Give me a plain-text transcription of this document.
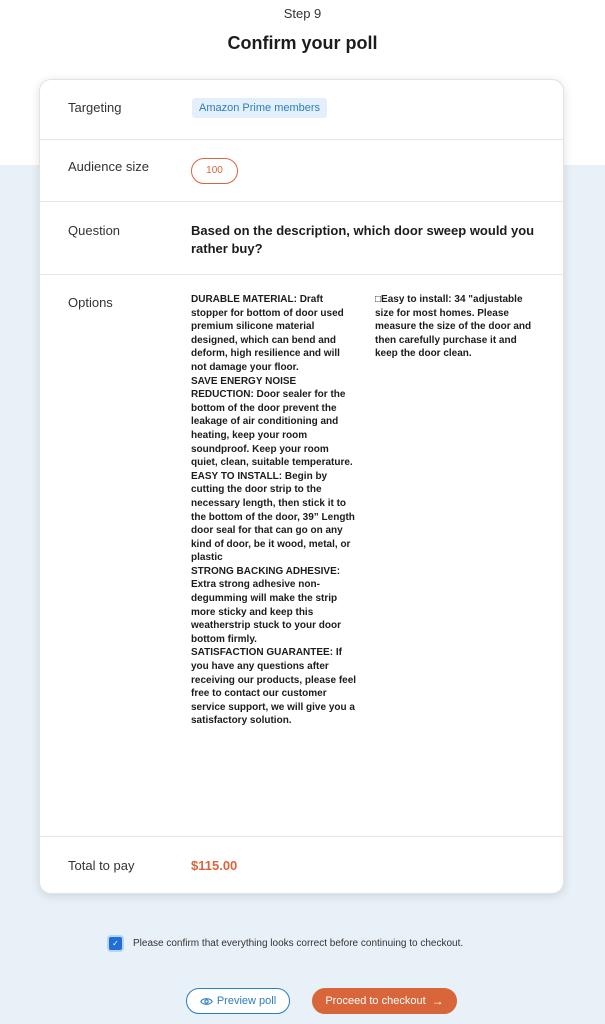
Step 9
Confirm your poll
Targeting	Amazon Prime members
Audience size	100
Question	Based on the description, which door sweep would you rather buy?
Options	DURABLE MATERIAL: Draft stopper for bottom of door used premium silicone material designed, which can bend and deform, high resilience and will not damage your floor.
SAVE ENERGY NOISE REDUCTION: Door sealer for the bottom of the door prevent the leakage of air conditioning and heating, keep your room soundproof. Keep your room quiet, clean, suitable temperature.
EASY TO INSTALL: Begin by cutting the door strip to the necessary length, then stick it to the bottom of the door, 39” Length door seal for that can go on any kind of door, be it wood, metal, or plastic
STRONG BACKING ADHESIVE: Extra strong adhesive non-degumming will make the strip more sticky and keep this weatherstrip stuck to your door bottom firmly.
SATISFACTION GUARANTEE: If you have any questions after receiving our products, please feel free to contact our customer service support, we will give you a satisfactory solution.
□Easy to install: 34 "adjustable size for most homes. Please measure the size of the door and then carefully purchase it and keep the door clean.
Total to pay	$115.00
✓	Please confirm that everything looks correct before continuing to checkout.
Preview poll	Proceed to checkout →
